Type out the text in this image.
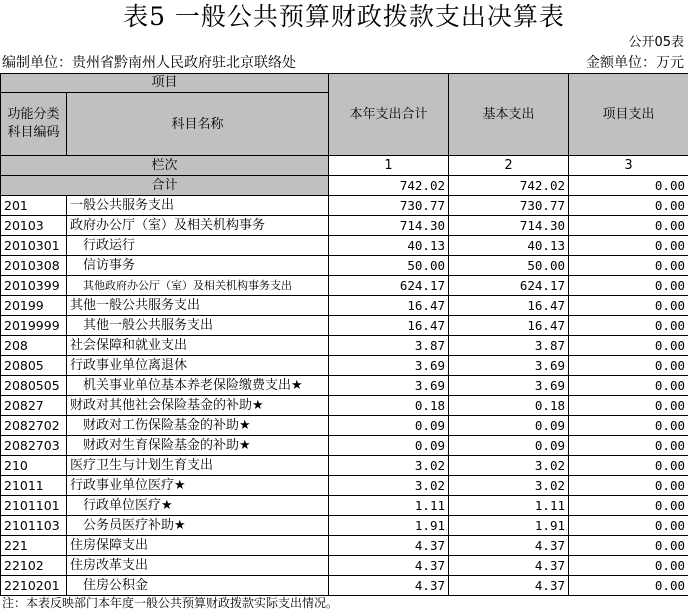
表5 一般公共预算财政拨款支出决算表
公开05表
编制单位：贵州省黔南州人民政府驻北京联络处	金额单位：万元
项目		本年支出合计	基本支出	项目支出
功能分类科目编码	科目名称			
栏次		1	2	3
合计		742.02	742.02	0.00
201	一般公共服务支出	730.77	730.77	0.00
20103	政府办公厅（室）及相关机构事务	714.30	714.30	0.00
2010301	行政运行	40.13	40.13	0.00
2010308	信访事务	50.00	50.00	0.00
2010399	其他政府办公厅（室）及相关机构事务支出	624.17	624.17	0.00
20199	其他一般公共服务支出	16.47	16.47	0.00
2019999	其他一般公共服务支出	16.47	16.47	0.00
208	社会保障和就业支出	3.87	3.87	0.00
20805	行政事业单位离退休	3.69	3.69	0.00
2080505	机关事业单位基本养老保险缴费支出★	3.69	3.69	0.00
20827	财政对其他社会保险基金的补助★	0.18	0.18	0.00
2082702	财政对工伤保险基金的补助★	0.09	0.09	0.00
2082703	财政对生育保险基金的补助★	0.09	0.09	0.00
210	医疗卫生与计划生育支出	3.02	3.02	0.00
21011	行政事业单位医疗★	3.02	3.02	0.00
2101101	行政单位医疗★	1.11	1.11	0.00
2101103	公务员医疗补助★	1.91	1.91	0.00
221	住房保障支出	4.37	4.37	0.00
22102	住房改革支出	4.37	4.37	0.00
2210201	住房公积金	4.37	4.37	0.00
注：本表反映部门本年度一般公共预算财政拨款实际支出情况。
